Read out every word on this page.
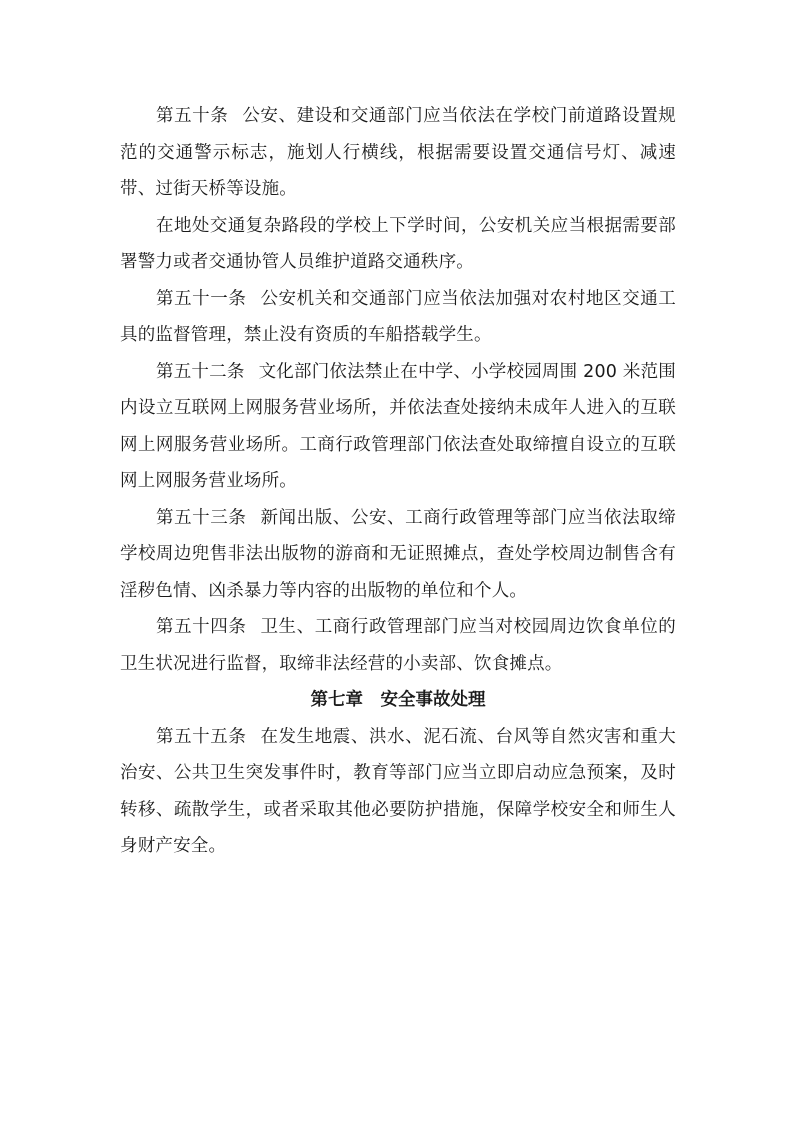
第五十条 公安、建设和交通部门应当依法在学校门前道路设置规范的交通警示标志，施划人行横线，根据需要设置交通信号灯、减速带、过街天桥等设施。

在地处交通复杂路段的学校上下学时间，公安机关应当根据需要部署警力或者交通协管人员维护道路交通秩序。

第五十一条 公安机关和交通部门应当依法加强对农村地区交通工具的监督管理，禁止没有资质的车船搭载学生。

第五十二条 文化部门依法禁止在中学、小学校园周围 200 米范围内设立互联网上网服务营业场所，并依法查处接纳未成年人进入的互联网上网服务营业场所。工商行政管理部门依法查处取缔擅自设立的互联网上网服务营业场所。

第五十三条 新闻出版、公安、工商行政管理等部门应当依法取缔学校周边兜售非法出版物的游商和无证照摊点，查处学校周边制售含有淫秽色情、凶杀暴力等内容的出版物的单位和个人。

第五十四条 卫生、工商行政管理部门应当对校园周边饮食单位的卫生状况进行监督，取缔非法经营的小卖部、饮食摊点。

第七章　安全事故处理

第五十五条 在发生地震、洪水、泥石流、台风等自然灾害和重大治安、公共卫生突发事件时，教育等部门应当立即启动应急预案，及时转移、疏散学生，或者采取其他必要防护措施，保障学校安全和师生人身财产安全。
